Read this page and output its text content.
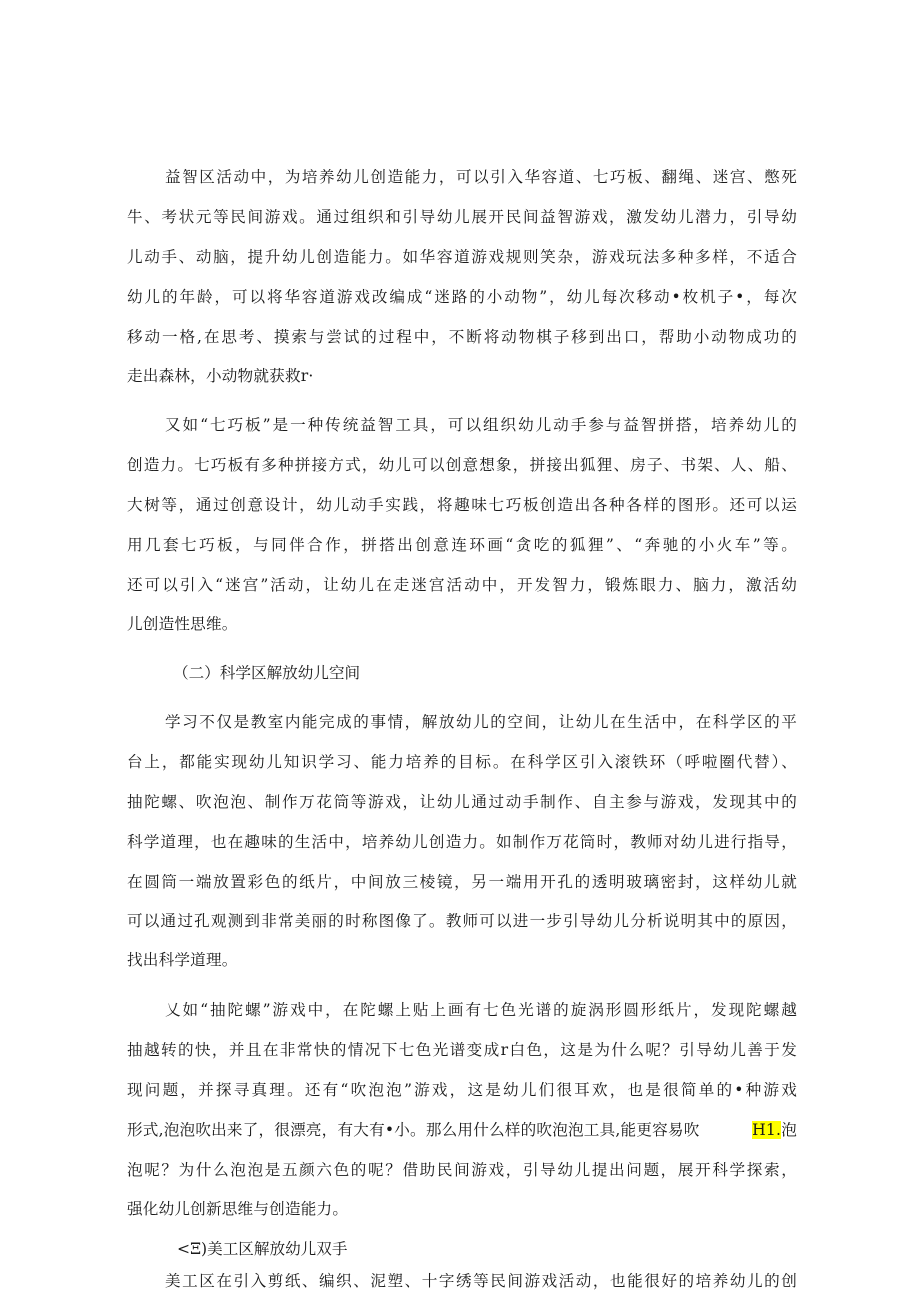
益智区活动中，为培养幼儿创造能力，可以引入华容道、七巧板、翻绳、迷宫、憋死
牛、考状元等民间游戏。通过组织和引导幼儿展开民间益智游戏，激发幼儿潜力，引导幼
儿动手、动脑，提升幼儿创造能力。如华容道游戏规则笑杂，游戏玩法多种多样，不适合
幼儿的年龄，可以将华容道游戏改编成“迷路的小动物”，幼儿每次移动•枚机子•，每次
移动一格,在思考、摸索与尝试的过程中，不断将动物棋子移到出口，帮助小动物成功的
走出森林，小动物就获救r·
又如“七巧板”是一种传统益智工具，可以组织幼儿动手参与益智拼搭，培养幼儿的
创造力。七巧板有多种拼接方式，幼儿可以创意想象，拼接出狐狸、房子、书架、人、船、
大树等，通过创意设计，幼儿动手实践，将趣味七巧板创造出各种各样的图形。还可以运
用几套七巧板，与同伴合作，拼搭出创意连环画“贪吃的狐狸”、“奔驰的小火车”等。
还可以引入“迷宫”活动，让幼儿在走迷宫活动中，开发智力，锻炼眼力、脑力，激活幼
儿创造性思维。
（二）科学区解放幼儿空间
学习不仅是教室内能完成的事情，解放幼儿的空间，让幼儿在生活中，在科学区的平
台上，都能实现幼儿知识学习、能力培养的目标。在科学区引入滚铁环（呼啦圈代替）、
抽陀螺、吹泡泡、制作万花筒等游戏，让幼儿通过动手制作、自主参与游戏，发现其中的
科学道理，也在趣味的生活中，培养幼儿创造力。如制作万花筒时，教师对幼儿进行指导，
在圆筒一端放置彩色的纸片，中间放三棱镜，另一端用开孔的透明玻璃密封，这样幼儿就
可以通过孔观测到非常美丽的时称图像了。教师可以进一步引导幼儿分析说明其中的原因，
找出科学道理。
乂如“抽陀螺”游戏中，在陀螺上贴上画有七色光谱的旋涡形圆形纸片，发现陀螺越
抽越转的快，并且在非常快的情况下七色光谱变成r白色，这是为什么呢？引导幼儿善于发
现问题，并探寻真理。还有“吹泡泡”游戏，这是幼儿们很耳欢，也是很简单的•种游戏
形式,泡泡吹出来了，很漂亮，有大有•小。那么用什么样的吹泡泡工具,能更容易吹	H1.泡
泡呢？为什么泡泡是五颜六色的呢？借助民间游戏，引导幼儿提出问题，展开科学探索，
强化幼儿创新思维与创造能力。
<Ξ)美工区解放幼儿双手
美工区在引入剪纸、编织、泥塑、十字绣等民间游戏活动，也能很好的培养幼儿的创
